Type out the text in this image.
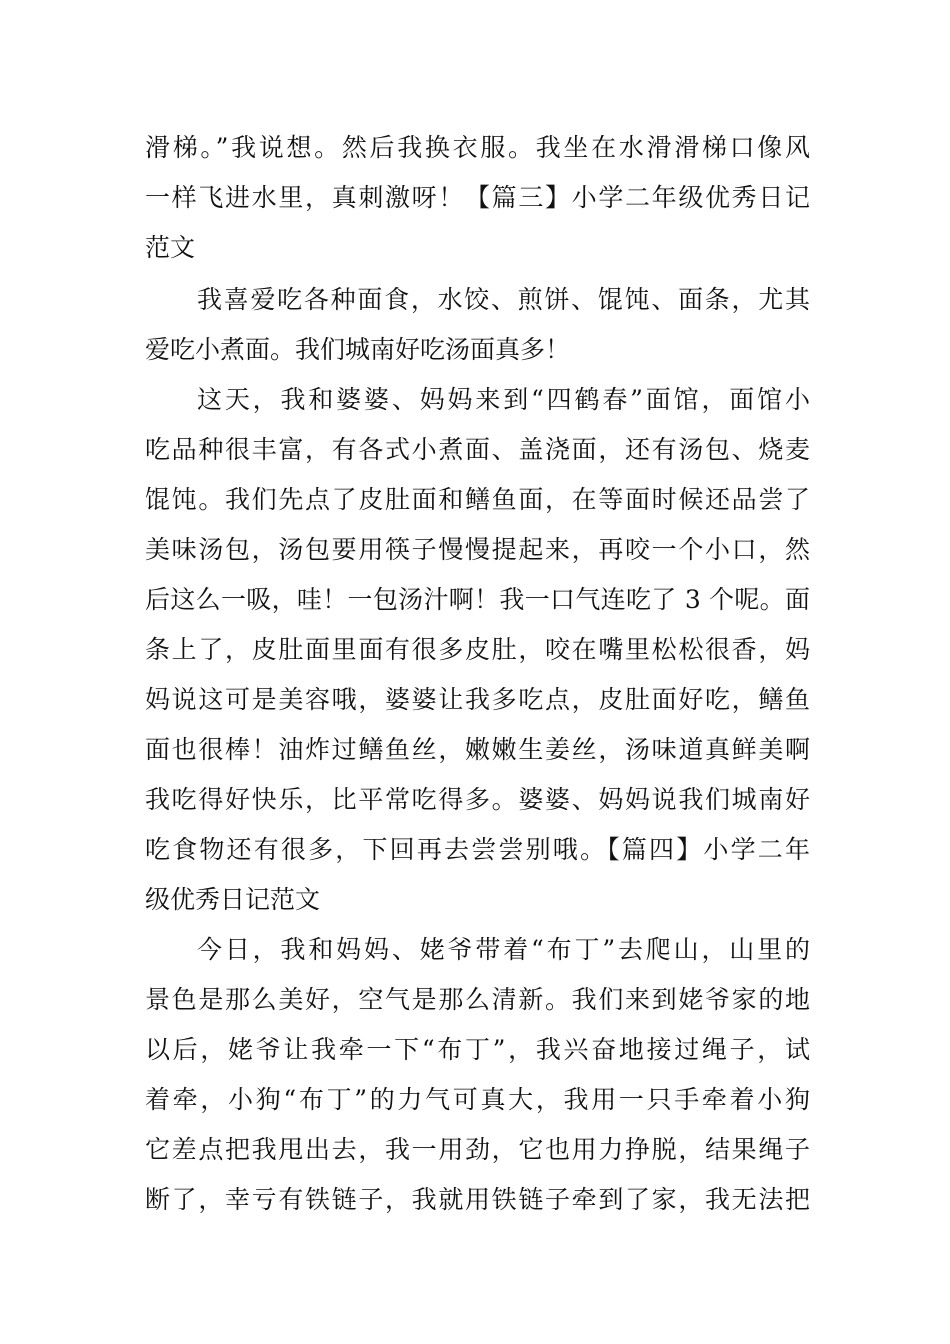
滑梯。”我说想。然后我换衣服。我坐在水滑滑梯口像风
一样飞进水里，真刺激呀！【篇三】小学二年级优秀日记
范文
我喜爱吃各种面食，水饺、煎饼、馄饨、面条，尤其
爱吃小煮面。我们城南好吃汤面真多！
这天，我和婆婆、妈妈来到“四鹤春”面馆，面馆小
吃品种很丰富，有各式小煮面、盖浇面，还有汤包、烧麦
馄饨。我们先点了皮肚面和鳝鱼面，在等面时候还品尝了
美味汤包，汤包要用筷子慢慢提起来，再咬一个小口，然
后这么一吸，哇！一包汤汁啊！我一口气连吃了 3 个呢。面
条上了，皮肚面里面有很多皮肚，咬在嘴里松松很香，妈
妈说这可是美容哦，婆婆让我多吃点，皮肚面好吃，鳝鱼
面也很棒！油炸过鳝鱼丝，嫩嫩生姜丝，汤味道真鲜美啊
我吃得好快乐，比平常吃得多。婆婆、妈妈说我们城南好
吃食物还有很多，下回再去尝尝别哦。【篇四】小学二年
级优秀日记范文
今日，我和妈妈、姥爷带着“布丁”去爬山，山里的
景色是那么美好，空气是那么清新。我们来到姥爷家的地
以后，姥爷让我牵一下“布丁”，我兴奋地接过绳子，试
着牵，小狗“布丁”的力气可真大，我用一只手牵着小狗
它差点把我甩出去，我一用劲，它也用力挣脱，结果绳子
断了，幸亏有铁链子，我就用铁链子牵到了家，我无法把
